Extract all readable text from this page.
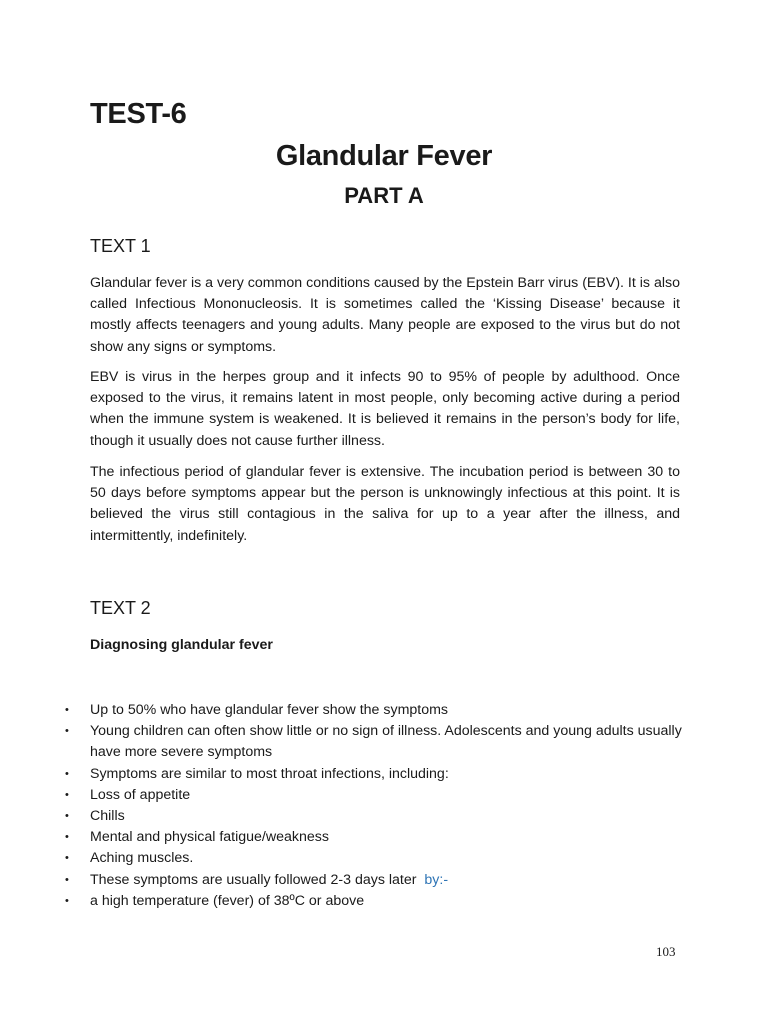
TEST-6
Glandular Fever
PART A
TEXT 1

Glandular fever is a very common conditions caused by the Epstein Barr virus (EBV). It is also called Infectious Mononucleosis. It is sometimes called the ‘Kissing Disease’ because it mostly affects teenagers and young adults. Many people are exposed to the virus but do not show any signs or symptoms.

EBV is virus in the herpes group and it infects 90 to 95% of people by adulthood. Once exposed to the virus, it remains latent in most people, only becoming active during a period when the immune system is weakened. It is believed it remains in the person’s body for life, though it usually does not cause further illness.

The infectious period of glandular fever is extensive. The incubation period is between 30 to 50 days before symptoms appear but the person is unknowingly infectious at this point. It is believed the virus still contagious in the saliva for up to a year after the illness, and intermittently, indefinitely.

TEXT 2
Diagnosing glandular fever
• Up to 50% who have glandular fever show the symptoms
• Young children can often show little or no sign of illness. Adolescents and young adults usually have more severe symptoms
• Symptoms are similar to most throat infections, including:
• Loss of appetite
• Chills
• Mental and physical fatigue/weakness
• Aching muscles.
• These symptoms are usually followed 2-3 days later by:-
• a high temperature (fever) of 38ºC or above

103
